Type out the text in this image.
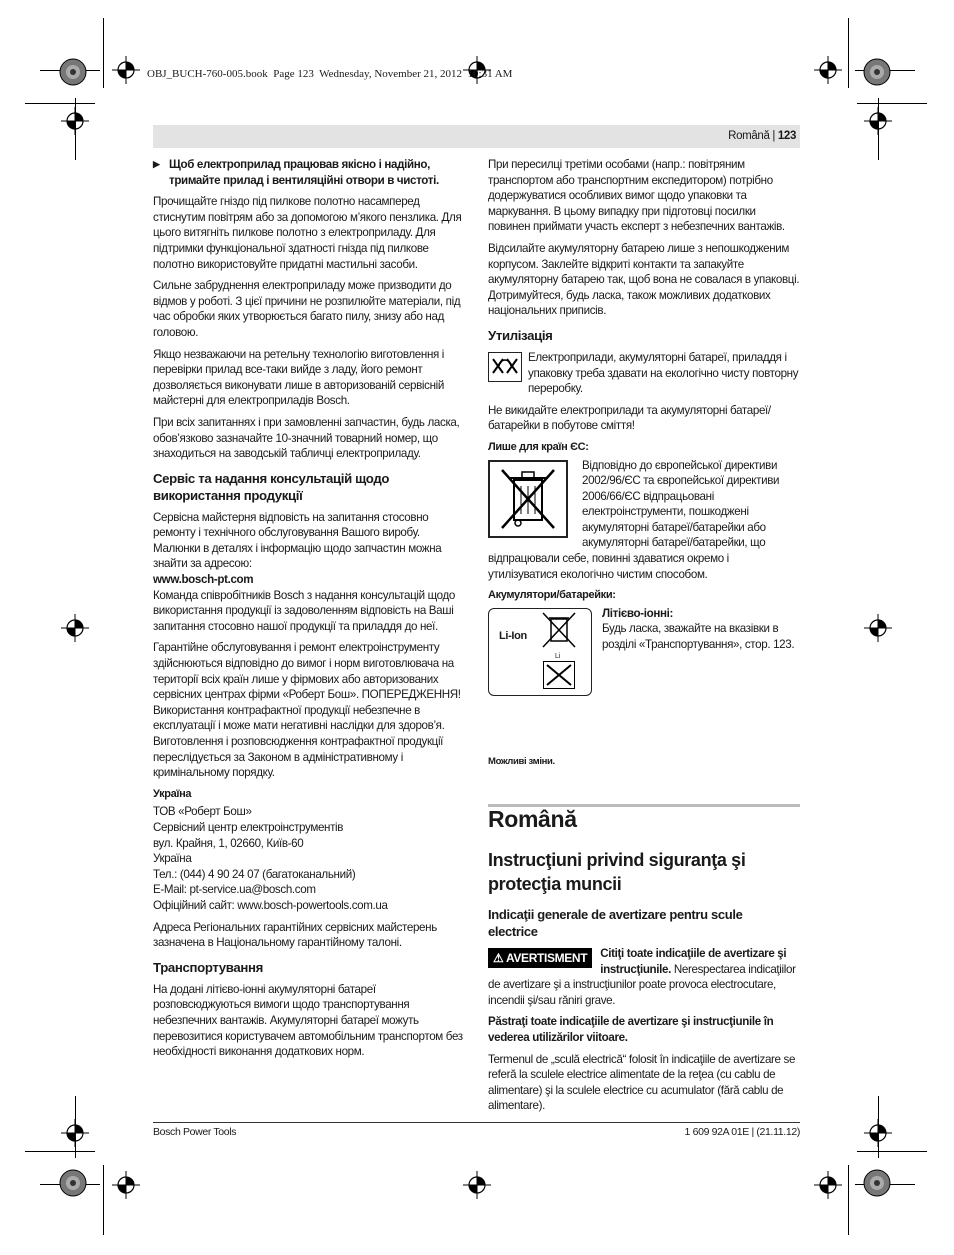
OBJ_BUCH-760-005.book  Page 123  Wednesday, November 21, 2012  10:31 AM
Română | 123

▶ Щоб електроприлад працював якісно і надійно, тримайте прилад і вентиляційні отвори в чистоті.

Прочищайте гніздо під пилкове полотно насамперед стиснутим повітрям або за допомогою м’якого пензлика. Для цього витягніть пилкове полотно з електроприладу. Для підтримки функціональної здатності гнізда під пилкове полотно використовуйте придатні мастильні засоби.

Сильне забруднення електроприладу може призводити до відмов у роботі. З цієї причини не розпилюйте матеріали, під час обробки яких утворюється багато пилу, знизу або над головою.

Якщо незважаючи на ретельну технологію виготовлення і перевірки прилад все-таки вийде з ладу, його ремонт дозволяється виконувати лише в авторизованій сервісній майстерні для електроприладів Bosch.

При всіх запитаннях і при замовленні запчастин, будь ласка, обов’язково зазначайте 10-значний товарний номер, що знаходиться на заводській табличці електроприладу.

Сервіс та надання консультацій щодо використання продукції

Сервісна майстерня відповість на запитання стосовно ремонту і технічного обслуговування Вашого виробу. Малюнки в деталях і інформацію щодо запчастин можна знайти за адресою:

www.bosch-pt.com

Команда співробітників Bosch з надання консультацій щодо використання продукції із задоволенням відповість на Ваші запитання стосовно нашої продукції та приладдя до неї.

Гарантійне обслуговування і ремонт електроінструменту здійснюються відповідно до вимог і норм виготовлювача на території всіх країн лише у фірмових або авторизованих сервісних центрах фірми «Роберт Бош». ПОПЕРЕДЖЕННЯ! Використання контрафактної продукції небезпечне в експлуатації і може мати негативні наслідки для здоров’я. Виготовлення і розповсюдження контрафактної продукції переслідується за Законом в адміністративному і кримінальному порядку.

Україна
ТОВ «Роберт Бош»
Сервісний центр електроінструментів
вул. Крайня, 1, 02660, Київ-60
Україна
Тел.: (044) 4 90 24 07 (багатоканальний)
E-Mail: pt-service.ua@bosch.com
Офіційний сайт: www.bosch-powertools.com.ua

Адреса Регіональних гарантійних сервісних майстерень зазначена в Національному гарантійному талоні.

Транспортування

На додані літієво-іонні акумуляторні батареї розповсюджуються вимоги щодо транспортування небезпечних вантажів. Акумуляторні батареї можуть перевозитися користувачем автомобільним транспортом без необхідності виконання додаткових норм.

При пересилці третіми особами (напр.: повітряним транспортом або транспортним експедитором) потрібно додержуватися особливих вимог щодо упаковки та маркування. В цьому випадку при підготовці посилки повинен приймати участь експерт з небезпечних вантажів.

Відсилайте акумуляторну батарею лише з непошкодженим корпусом. Заклейте відкриті контакти та запакуйте акумуляторну батарею так, щоб вона не совалася в упаковці.

Дотримуйтеся, будь ласка, також можливих додаткових національних приписів.

Утилізація

Електроприлади, акумуляторні батареї, приладдя і упаковку треба здавати на екологічно чисту повторну переробку.

Не викидайте електроприлади та акумуляторні батареї/батарейки в побутове сміття!

Лише для країн ЄС:

Відповідно до європейської директиви 2002/96/ЄС та європейської директиви 2006/66/ЄС відпрацьовані електроінструменти, пошкоджені акумуляторні батареї/батарейки або акумуляторні батареї/батарейки, що відпрацювали себе, повинні здаватися окремо і утилізуватися екологічно чистим способом.

Акумулятори/батарейки:
Li-Ion
Li
Літієво-іонні:

Будь ласка, зважайте на вказівки в розділі «Транспортування», стор. 123.

Можливі зміни.
Română
Instrucţiuni privind siguranţa şi protecţia muncii
Indicaţii generale de avertizare pentru scule electrice
⚠ AVERTISMENT	Citiţi toate indicaţiile de avertizare şi instrucţiunile. Nerespectarea indicaţiilor de avertizare şi a instrucţiunilor poate provoca electrocutare, incendii şi/sau răniri grave.

Păstraţi toate indicaţiile de avertizare şi instrucţiunile în vederea utilizărilor viitoare.

Termenul de „sculă electrică“ folosit în indicaţiile de avertizare se referă la sculele electrice alimentate de la reţea (cu cablu de alimentare) şi la sculele electrice cu acumulator (fără cablu de alimentare).

Bosch Power Tools	1 609 92A 01E | (21.11.12)
